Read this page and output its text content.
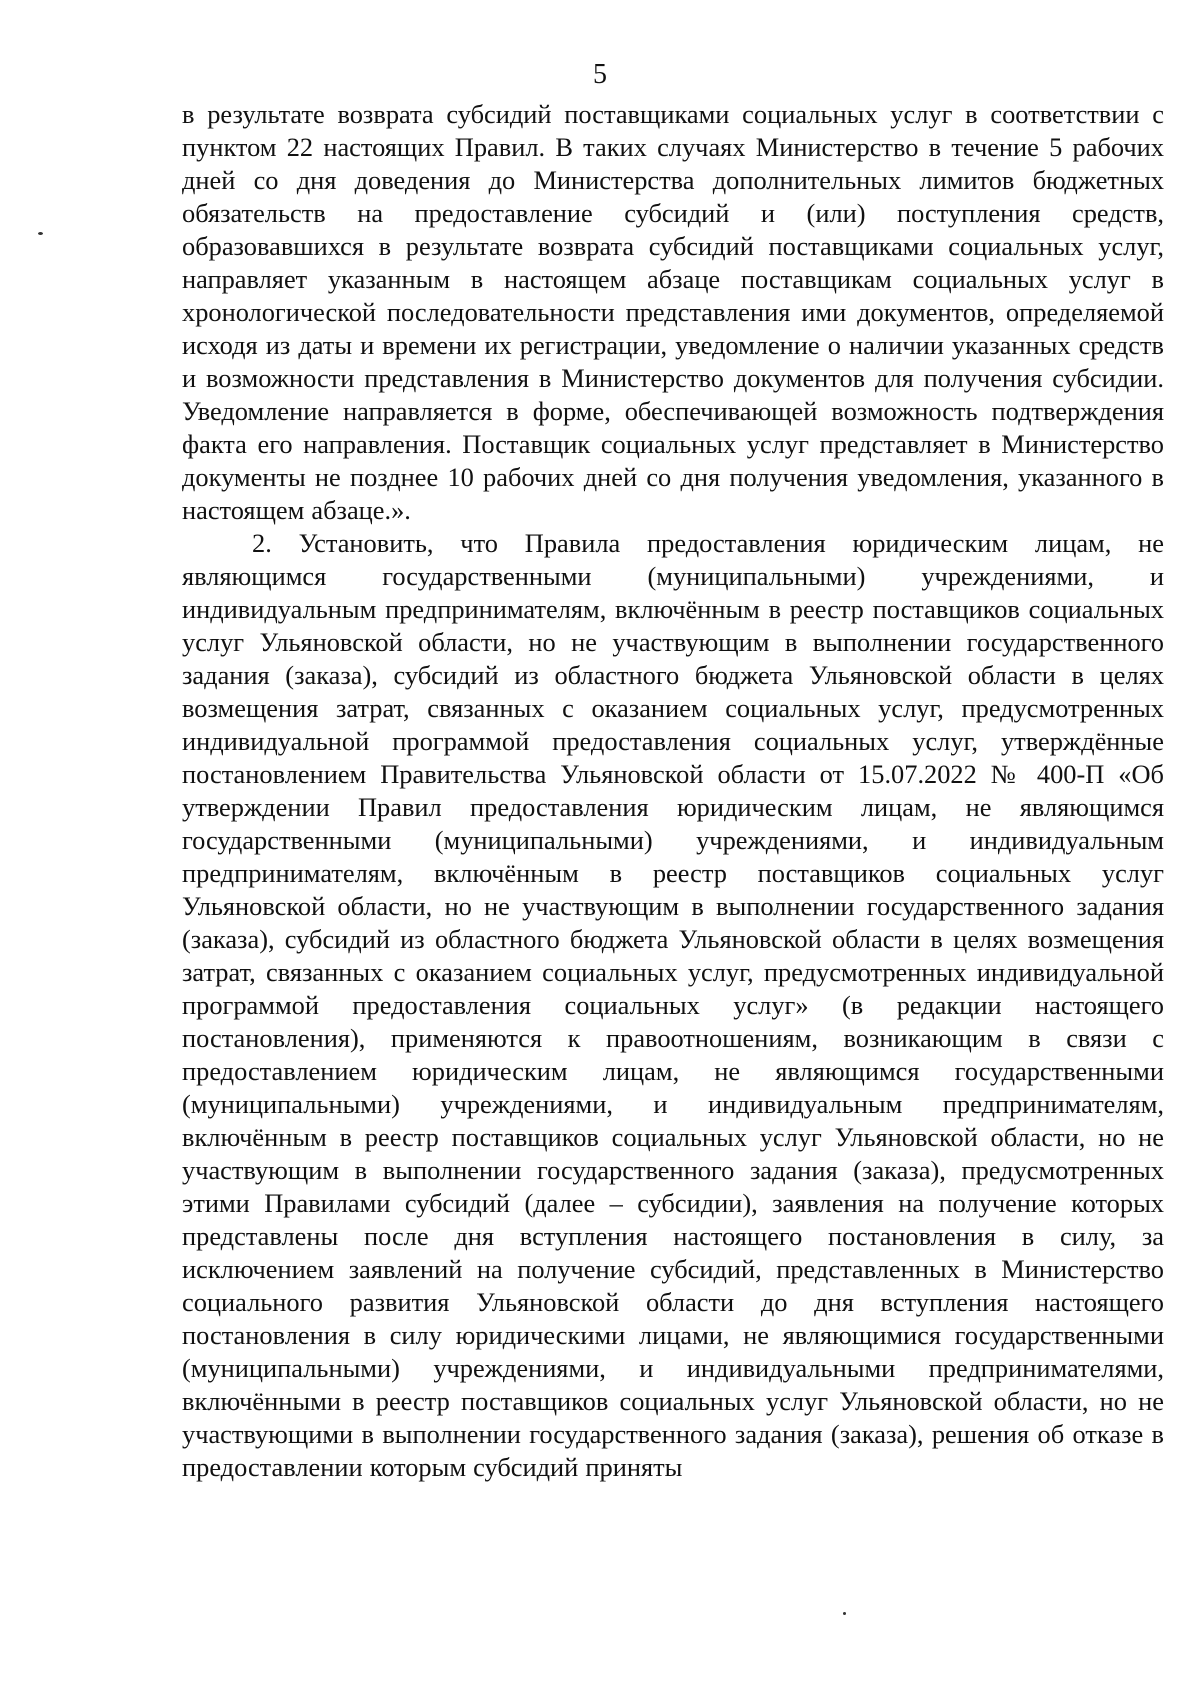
5

в результате возврата субсидий поставщиками социальных услуг в соответствии с пунктом 22 настоящих Правил. В таких случаях Министерство в течение 5 рабочих дней со дня доведения до Министерства дополнительных лимитов бюджетных обязательств на предоставление субсидий и (или) поступления средств, образовавшихся в результате возврата субсидий поставщиками социальных услуг, направляет указанным в настоящем абзаце поставщикам социальных услуг в хронологической последовательности представления ими документов, определяемой исходя из даты и времени их регистрации, уведомление о наличии указанных средств и возможности представления в Министерство документов для получения субсидии. Уведомление направляется в форме, обеспечивающей возможность подтверждения факта его направления. Поставщик социальных услуг представляет в Министерство документы не позднее 10 рабочих дней со дня получения уведомления, указанного в настоящем абзаце.».

2. Установить, что Правила предоставления юридическим лицам, не являющимся государственными (муниципальными) учреждениями, и индивидуальным предпринимателям, включённым в реестр поставщиков социальных услуг Ульяновской области, но не участвующим в выполнении государственного задания (заказа), субсидий из областного бюджета Ульяновской области в целях возмещения затрат, связанных с оказанием социальных услуг, предусмотренных индивидуальной программой предоставления социальных услуг, утверждённые постановлением Правительства Ульяновской области от 15.07.2022 № 400-П «Об утверждении Правил предоставления юридическим лицам, не являющимся государственными (муниципальными) учреждениями, и индивидуальным предпринимателям, включённым в реестр поставщиков социальных услуг Ульяновской области, но не участвующим в выполнении государственного задания (заказа), субсидий из областного бюджета Ульяновской области в целях возмещения затрат, связанных с оказанием социальных услуг, предусмотренных индивидуальной программой предоставления социальных услуг» (в редакции настоящего постановления), применяются к правоотношениям, возникающим в связи с предоставлением юридическим лицам, не являющимся государственными (муниципальными) учреждениями, и индивидуальным предпринимателям, включённым в реестр поставщиков социальных услуг Ульяновской области, но не участвующим в выполнении государственного задания (заказа), предусмотренных этими Правилами субсидий (далее – субсидии), заявления на получение которых представлены после дня вступления настоящего постановления в силу, за исключением заявлений на получение субсидий, представленных в Министерство социального развития Ульяновской области до дня вступления настоящего постановления в силу юридическими лицами, не являющимися государственными (муниципальными) учреждениями, и индивидуальными предпринимателями, включёнными в реестр поставщиков социальных услуг Ульяновской области, но не участвующими в выполнении государственного задания (заказа), решения об отказе в предоставлении которым субсидий приняты
